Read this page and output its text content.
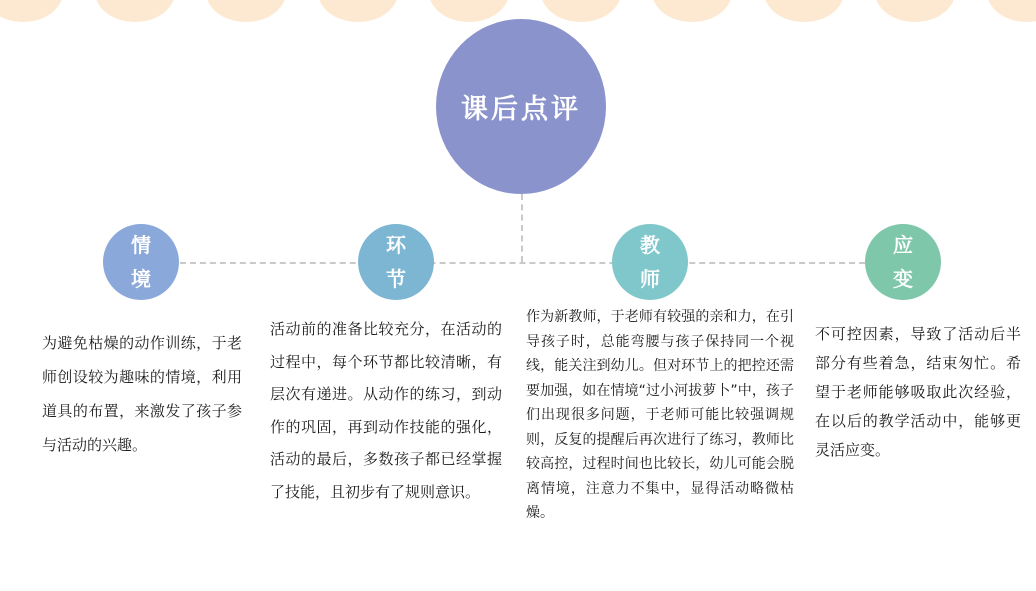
课后点评
情境
环节
教师
应变

为避免枯燥的动作训练，于老师创设较为趣味的情境，利用道具的布置，来激发了孩子参与活动的兴趣。

活动前的准备比较充分，在活动的过程中，每个环节都比较清晰，有层次有递进。从动作的练习，到动作的巩固，再到动作技能的强化，活动的最后，多数孩子都已经掌握了技能，且初步有了规则意识。

作为新教师，于老师有较强的亲和力，在引导孩子时，总能弯腰与孩子保持同一个视线，能关注到幼儿。但对环节上的把控还需要加强，如在情境“过小河拔萝卜”中，孩子们出现很多问题，于老师可能比较强调规则，反复的提醒后再次进行了练习，教师比较高控，过程时间也比较长，幼儿可能会脱离情境，注意力不集中，显得活动略微枯燥。

不可控因素，导致了活动后半部分有些着急，结束匆忙。希望于老师能够吸取此次经验，在以后的教学活动中，能够更灵活应变。
